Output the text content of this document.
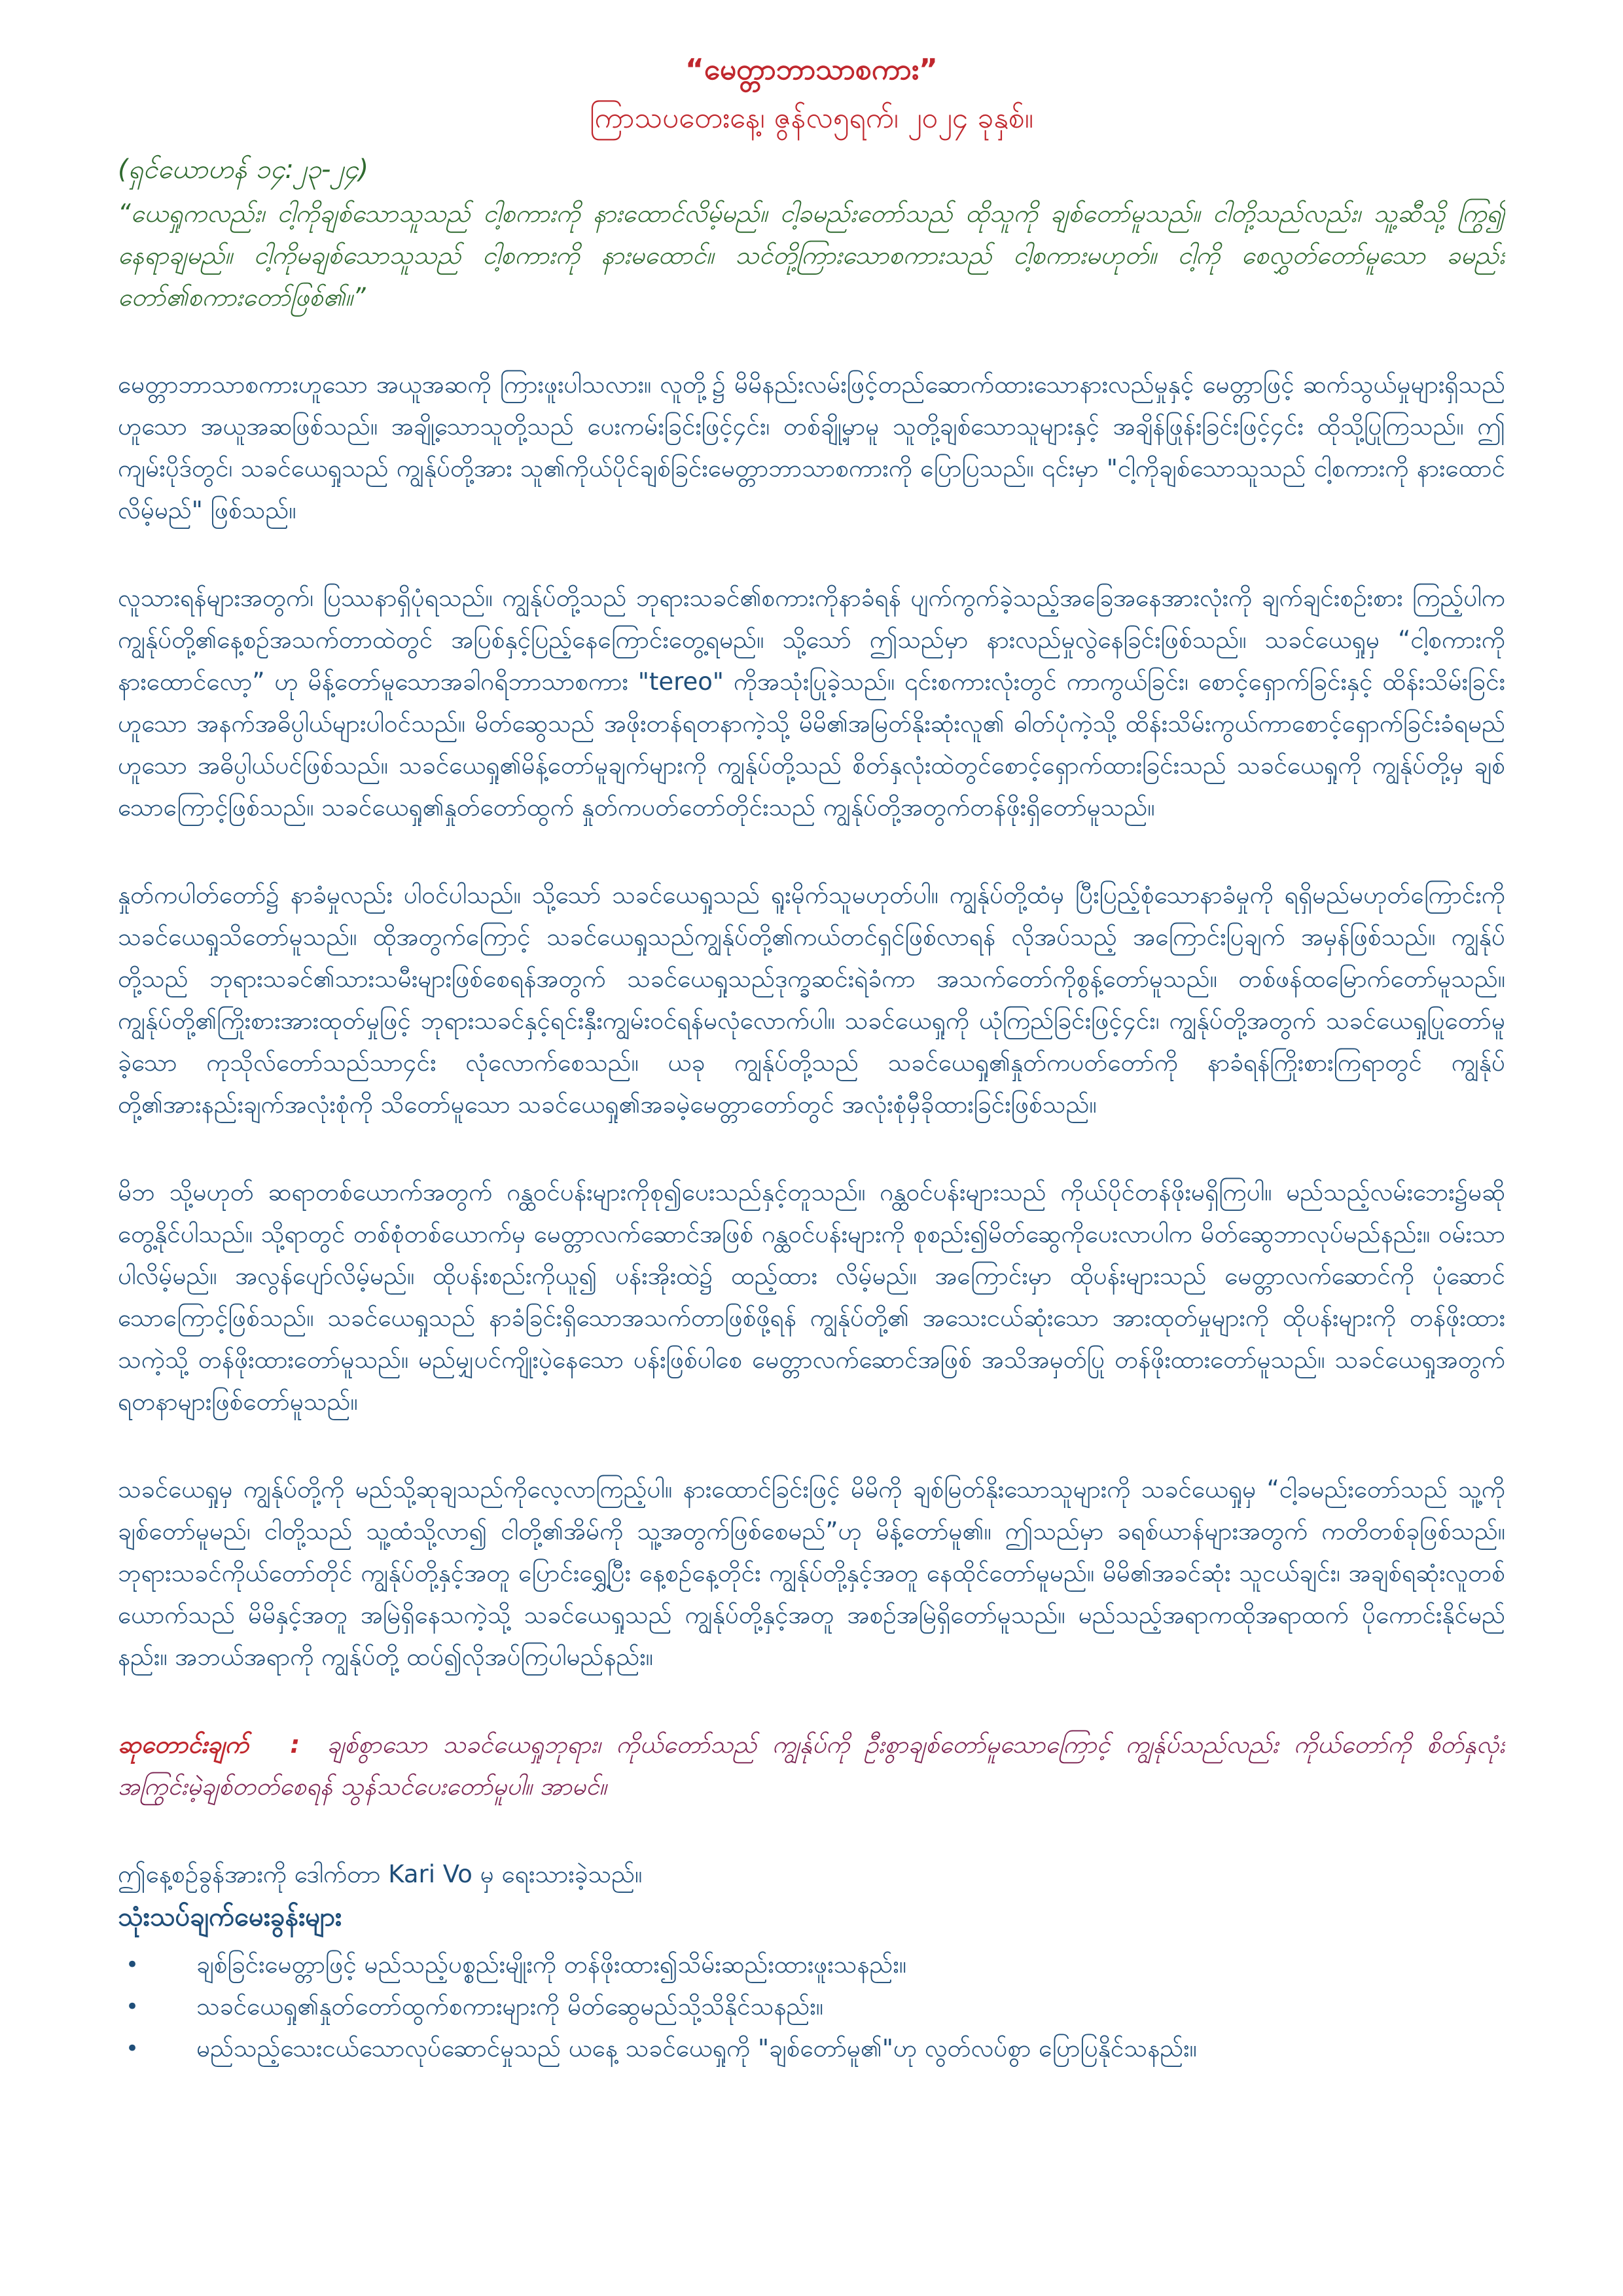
“မေတ္တာဘာသာစကား”
ကြာသပတေးနေ့၊ ဇွန်လ၅ရက်၊ ၂၀၂၄ ခုနှစ်။
(ရှင်ယောဟန် ၁၄:၂၃-၂၄)
“ယေရှုကလည်း၊ ငါ့ကိုချစ်သောသူသည် ငါ့စကားကို နားထောင်လိမ့်မည်။ ငါ့ခမည်းတော်သည် ထိုသူကို ချစ်တော်မူသည်။ ငါတို့သည်လည်း၊ သူ့ဆီသို့ ကြွ၍ နေရာချမည်။ ငါ့ကိုမချစ်သောသူသည် ငါ့စကားကို နားမထောင်။ သင်တို့ကြားသောစကားသည် ငါ့စကားမဟုတ်။ ငါ့ကို စေလွှတ်တော်မူသော ခမည်းတော်၏စကားတော်ဖြစ်၏။”

မေတ္တာဘာသာစကားဟူသော အယူအဆကို ကြားဖူးပါသလား။ လူတို့၌ မိမိနည်းလမ်းဖြင့်တည်ဆောက်ထားသောနားလည်မှုနှင့် မေတ္တာဖြင့် ဆက်သွယ်မှုများရှိသည်ဟူသော အယူအဆဖြစ်သည်။ အချို့သောသူတို့သည် ပေးကမ်းခြင်းဖြင့်၄င်း၊ တစ်ချို့မှာမူ သူတို့ချစ်သောသူများနှင့် အချိန်ဖြုန်းခြင်းဖြင့်၄င်း ထိုသို့ပြုကြသည်။ ဤကျမ်းပိုဒ်တွင်၊ သခင်ယေရှုသည် ကျွန်ုပ်တို့အား သူ၏ကိုယ်ပိုင်ချစ်ခြင်းမေတ္တာဘာသာစကားကို ပြောပြသည်။ ၎င်းမှာ "ငါ့ကိုချစ်သောသူသည် ငါ့စကားကို နားထောင်လိမ့်မည်" ဖြစ်သည်။

လူသားရန်များအတွက်၊ ပြဿနာရှိပုံရသည်။ ကျွန်ုပ်တို့သည် ဘုရားသခင်၏စကားကိုနာခံရန် ပျက်ကွက်ခဲ့သည့်အခြေအနေအားလုံးကို ချက်ချင်းစဉ်းစား ကြည့်ပါက ကျွန်ုပ်တို့၏နေ့စဉ်အသက်တာထဲတွင် အပြစ်နှင့်ပြည့်နေကြောင်းတွေ့ရမည်။ သို့သော် ဤသည်မှာ နားလည်မှုလွဲနေခြင်းဖြစ်သည်။ သခင်ယေရှုမှ “ငါ့စကားကို နားထောင်လော့” ဟု မိန့်တော်မူသောအခါဂရိဘာသာစကား "tereo" ကိုအသုံးပြုခဲ့သည်။ ၎င်းစကားလုံးတွင် ကာကွယ်ခြင်း၊ စောင့်ရှောက်ခြင်းနှင့် ထိန်းသိမ်းခြင်းဟူသော အနက်အဓိပ္ပါယ်များပါဝင်သည်။ မိတ်ဆွေသည် အဖိုးတန်ရတနာကဲ့သို့ မိမိ၏အမြတ်နိုးဆုံးလူ၏ ဓါတ်ပုံကဲ့သို့ ထိန်းသိမ်းကွယ်ကာစောင့်ရှောက်ခြင်းခံရမည်ဟူသော အဓိပ္ပါယ်ပင်ဖြစ်သည်။ သခင်ယေရှု၏မိန့်တော်မူချက်များကို ကျွန်ုပ်တို့သည် စိတ်နှလုံးထဲတွင်စောင့်ရှောက်ထားခြင်းသည် သခင်ယေရှုကို ကျွန်ုပ်တို့မှ ချစ်သောကြောင့်ဖြစ်သည်။ သခင်ယေရှု၏နှုတ်တော်ထွက် နှုတ်ကပတ်တော်တိုင်းသည် ကျွန်ုပ်တို့အတွက်တန်ဖိုးရှိတော်မူသည်။

နှုတ်ကပါတ်တော်၌ နာခံမှုလည်း ပါဝင်ပါသည်။ သို့သော် သခင်ယေရှုသည် ရူးမိုက်သူမဟုတ်ပါ။ ကျွန်ုပ်တို့ထံမှ ပြီးပြည့်စုံသောနာခံမှုကို ရရှိမည်မဟုတ်ကြောင်းကို သခင်ယေရှုသိတော်မူသည်။ ထိုအတွက်ကြောင့် သခင်ယေရှုသည်ကျွန်ုပ်တို့၏ကယ်တင်ရှင်ဖြစ်လာရန် လိုအပ်သည့် အကြောင်းပြချက် အမှန်ဖြစ်သည်။ ကျွန်ုပ်တို့သည် ဘုရားသခင်၏သားသမီးများဖြစ်စေရန်အတွက် သခင်ယေရှုသည်ဒုက္ခဆင်းရဲခံကာ အသက်တော်ကိုစွန့်တော်မူသည်။ တစ်ဖန်ထမြောက်တော်မူသည်။ ကျွန်ုပ်တို့၏ကြိုးစားအားထုတ်မှုဖြင့် ဘုရားသခင်နှင့်ရင်းနှီးကျွမ်းဝင်ရန်မလုံလောက်ပါ။ သခင်ယေရှုကို ယုံကြည်ခြင်းဖြင့်၄င်း၊ ကျွန်ုပ်တို့အတွက် သခင်ယေရှုပြုတော်မူခဲ့သော ကုသိုလ်တော်သည်သာ၄င်း လုံလောက်စေသည်။ ယခု ကျွန်ုပ်တို့သည် သခင်ယေရှု၏နှုတ်ကပတ်တော်ကို နာခံရန်ကြိုးစားကြရာတွင် ကျွန်ုပ်တို့၏အားနည်းချက်အလုံးစုံကို သိတော်မူသော သခင်ယေရှု၏အခမဲ့မေတ္တာတော်တွင် အလုံးစုံမှီခိုထားခြင်းဖြစ်သည်။

မိဘ သို့မဟုတ် ဆရာတစ်ယောက်အတွက် ဂန္ထဝင်ပန်းများကိုစု၍ပေးသည်နှင့်တူသည်။ ဂန္ထဝင်ပန်းများသည် ကိုယ်ပိုင်တန်ဖိုးမရှိကြပါ။ မည်သည့်လမ်းဘေး၌မဆို တွေ့နိုင်ပါသည်။ သို့ရာတွင် တစ်စုံတစ်ယောက်မှ မေတ္တာလက်ဆောင်အဖြစ် ဂန္ထဝင်ပန်းများကို စုစည်း၍မိတ်ဆွေကိုပေးလာပါက မိတ်ဆွေဘာလုပ်မည်နည်း။ ဝမ်းသာပါလိမ့်မည်။ အလွန်ပျော်လိမ့်မည်။ ထိုပန်းစည်းကိုယူ၍ ပန်းအိုးထဲ၌ ထည့်ထား လိမ့်မည်။ အကြောင်းမှာ ထိုပန်းများသည် မေတ္တာလက်ဆောင်ကို ပုံဆောင်သောကြောင့်ဖြစ်သည်။ သခင်ယေရှုသည် နာခံခြင်းရှိသောအသက်တာဖြစ်ဖို့ရန် ကျွန်ုပ်တို့၏ အသေးငယ်ဆုံးသော အားထုတ်မှုများကို ထိုပန်းများကို တန်ဖိုးထားသကဲ့သို့ တန်ဖိုးထားတော်မူသည်။ မည်မျှပင်ကျိုးပဲ့နေသော ပန်းဖြစ်ပါစေ မေတ္တာလက်ဆောင်အဖြစ် အသိအမှတ်ပြု တန်ဖိုးထားတော်မူသည်။ သခင်ယေရှုအတွက် ရတနာများဖြစ်တော်မူသည်။

သခင်ယေရှုမှ ကျွန်ုပ်တို့ကို မည်သို့ဆုချသည်ကိုလေ့လာကြည့်ပါ။ နားထောင်ခြင်းဖြင့် မိမိကို ချစ်မြတ်နိုးသောသူများကို သခင်ယေရှုမှ “ငါ့ခမည်းတော်သည် သူ့ကို ချစ်တော်မူမည်၊ ငါတို့သည် သူ့ထံသို့လာ၍ ငါတို့၏အိမ်ကို သူ့အတွက်ဖြစ်စေမည်”ဟု မိန့်တော်မူ၏။ ဤသည်မှာ ခရစ်ယာန်များအတွက် ကတိတစ်ခုဖြစ်သည်။ ဘုရားသခင်ကိုယ်တော်တိုင် ကျွန်ုပ်တို့နှင့်အတူ ပြောင်းရွှေ့ပြီး နေ့စဉ်နေ့တိုင်း ကျွန်ုပ်တို့နှင့်အတူ နေထိုင်တော်မူမည်။ မိမိ၏အခင်ဆုံး သူငယ်ချင်း၊ အချစ်ရဆုံးလူတစ်ယောက်သည် မိမိနှင့်အတူ အမြဲရှိနေသကဲ့သို့ သခင်ယေရှုသည် ကျွန်ုပ်တို့နှင့်အတူ အစဉ်အမြဲရှိတော်မူသည်။ မည်သည့်အရာကထိုအရာထက် ပိုကောင်းနိုင်မည်နည်း။ အဘယ်အရာကို ကျွန်ုပ်တို့ ထပ်၍လိုအပ်ကြပါမည်နည်း။

ဆုတောင်းချက် : ချစ်စွာသော သခင်ယေရှုဘုရား၊ ကိုယ်တော်သည် ကျွန်ုပ်ကို ဦးစွာချစ်တော်မူသောကြောင့် ကျွန်ုပ်သည်လည်း ကိုယ်တော်ကို စိတ်နှလုံးအကြွင်းမဲ့ချစ်တတ်စေရန် သွန်သင်ပေးတော်မူပါ။ အာမင်။

ဤနေ့စဉ်ခွန်အားကို ဒေါက်တာ Kari Vo မှ ရေးသားခဲ့သည်။
သုံးသပ်ချက်မေးခွန်းများ
• ချစ်ခြင်းမေတ္တာဖြင့် မည်သည့်ပစ္စည်းမျိုးကို တန်ဖိုးထား၍သိမ်းဆည်းထားဖူးသနည်း။
• သခင်ယေရှု၏နှုတ်တော်ထွက်စကားများကို မိတ်ဆွေမည်သို့သိနိုင်သနည်း။
• မည်သည့်သေးငယ်သောလုပ်ဆောင်မှုသည် ယနေ့ သခင်ယေရှုကို "ချစ်တော်မူ၏"ဟု လွတ်လပ်စွာ ပြောပြနိုင်သနည်း။
